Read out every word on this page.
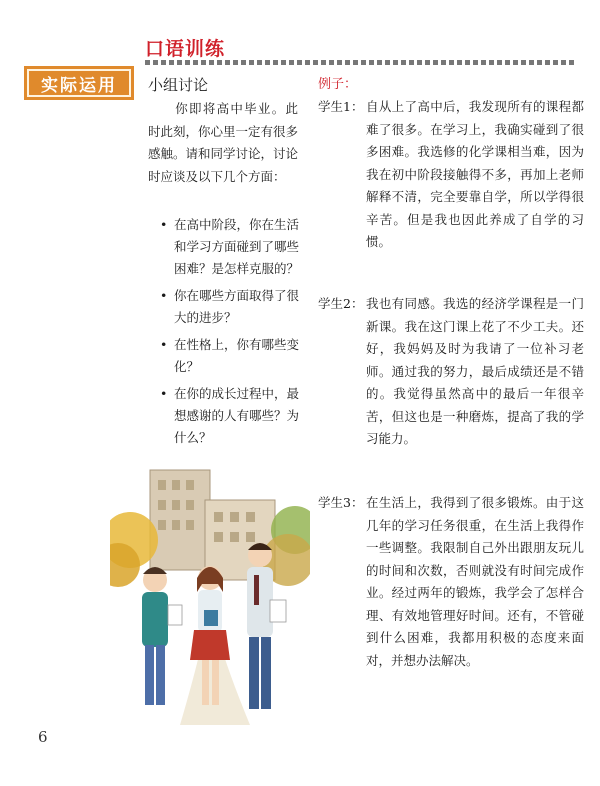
口语训练
实际运用	小组讨论

你即将高中毕业。此时此刻，你心里一定有很多感触。请和同学讨论，讨论时应谈及以下几个方面：

• 在高中阶段，你在生活和学习方面碰到了哪些困难？是怎样克服的？
• 你在哪些方面取得了很大的进步？
• 在性格上，你有哪些变化？
• 在你的成长过程中，最想感谢的人有哪些？为什么？
例子：
学生1： 自从上了高中后，我发现所有的课程都难了很多。在学习上，我确实碰到了很多困难。我选修的化学课相当难，因为我在初中阶段接触得不多，再加上老师解释不清，完全要靠自学，所以学得很辛苦。但是我也因此养成了自学的习惯。
学生2： 我也有同感。我选的经济学课程是一门新课。我在这门课上花了不少工夫。还好，我妈妈及时为我请了一位补习老师。通过我的努力，最后成绩还是不错的。我觉得虽然高中的最后一年很辛苦，但这也是一种磨炼，提高了我的学习能力。
学生3： 在生活上，我得到了很多锻炼。由于这几年的学习任务很重，在生活上我得作一些调整。我限制自己外出跟朋友玩儿的时间和次数，否则就没有时间完成作业。经过两年的锻炼，我学会了怎样合理、有效地管理好时间。还有，不管碰到什么困难，我都用积极的态度来面对，并想办法解决。
6
